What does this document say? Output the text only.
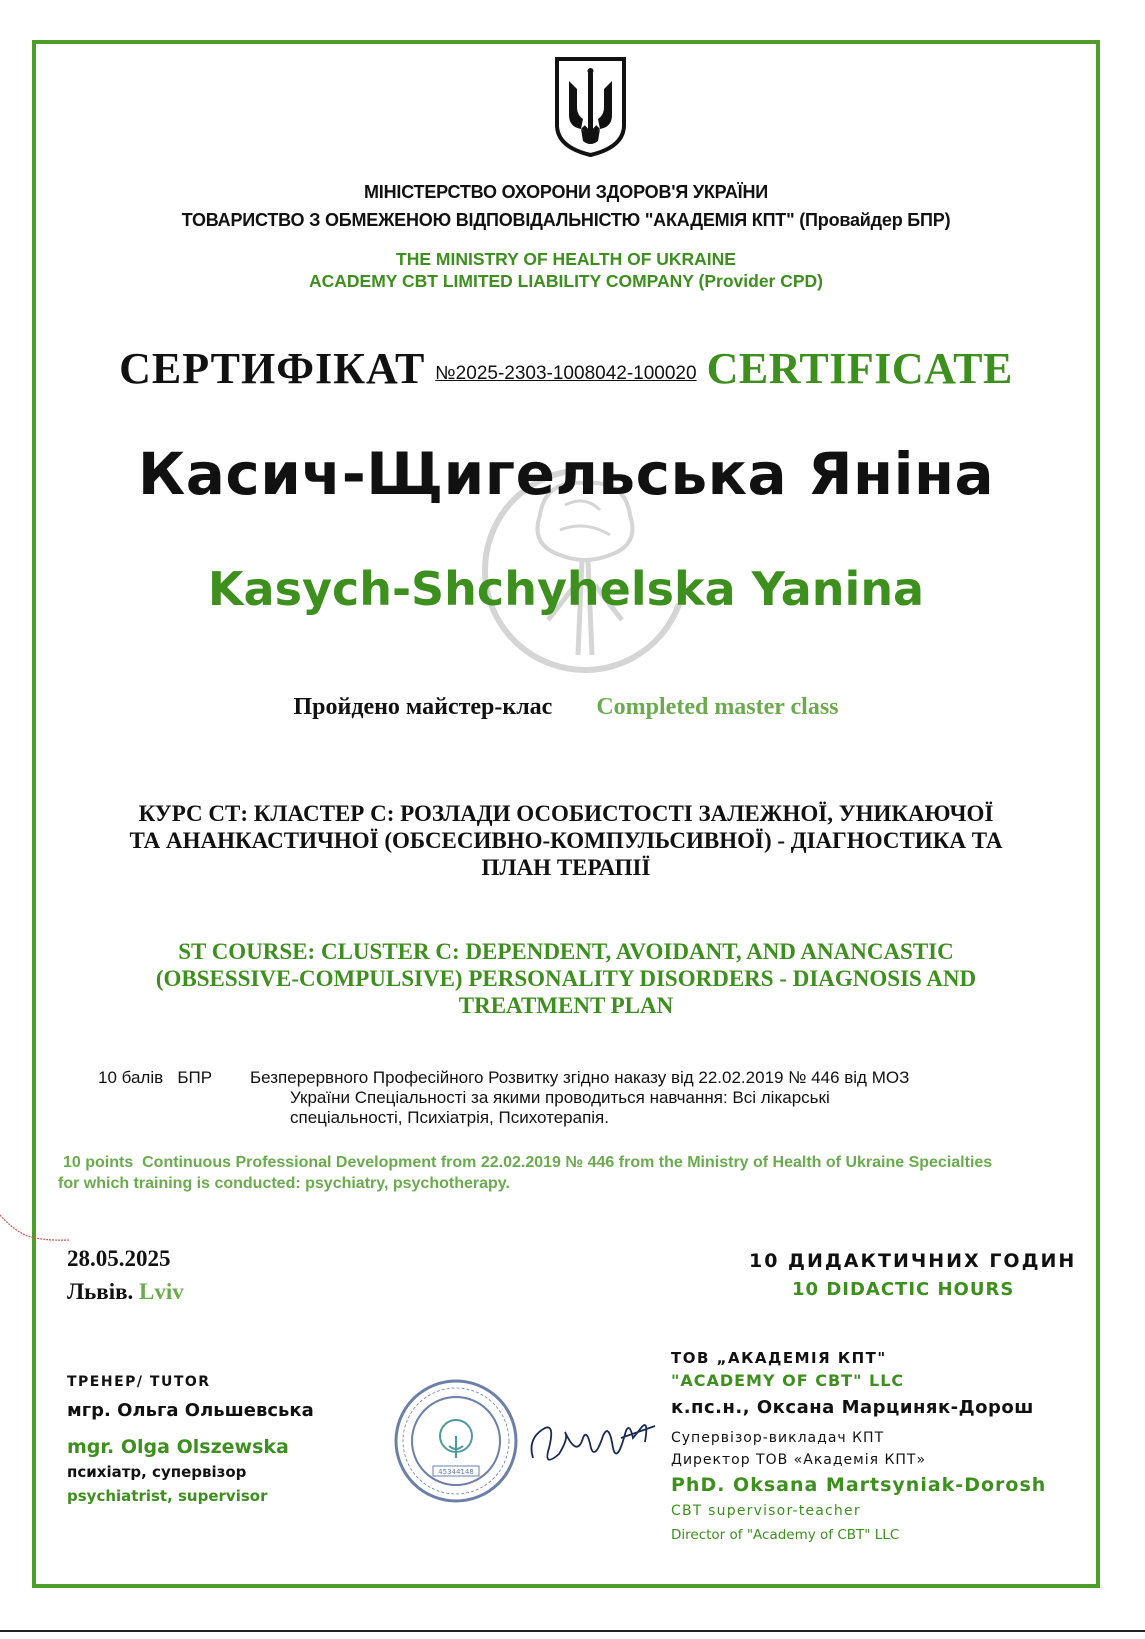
МІНІСТЕРСТВО ОХОРОНИ ЗДОРОВ'Я УКРАЇНИ
ТОВАРИСТВО З ОБМЕЖЕНОЮ ВІДПОВІДАЛЬНІСТЮ "АКАДЕМІЯ КПТ" (Провайдер БПР)
THE MINISTRY OF HEALTH OF UKRAINE
ACADEMY CBT LIMITED LIABILITY COMPANY (Provider CPD)
СЕРТИФІКАТ №2025-2303-1008042-100020 CERTIFICATE
Касич-Щигельська Яніна
Kasych-Shchyhelska Yanina
Пройдено майстер-клас Completed master class
КУРС СТ: КЛАСТЕР С: РОЗЛАДИ ОСОБИСТОСТІ ЗАЛЕЖНОЇ, УНИКАЮЧОЇ
ТА АНАНКАСТИЧНОЇ (ОБСЕСИВНО-КОМПУЛЬСИВНОЇ) - ДІАГНОСТИКА ТА
ПЛАН ТЕРАПІЇ
ST COURSE: CLUSTER C: DEPENDENT, AVOIDANT, AND ANANCASTIC
(OBSESSIVE-COMPULSIVE) PERSONALITY DISORDERS - DIAGNOSIS AND
TREATMENT PLAN
10 балів   БПР Безперервного Професійного Розвитку згідно наказу від 22.02.2019 № 446 від МОЗ
України Спеціальності за якими проводиться навчання: Всі лікарські
спеціальності, Психіатрія, Психотерапія.
10 points  Continuous Professional Development from 22.02.2019 № 446 from the Ministry of Health of Ukraine Specialties
for which training is conducted: psychiatry, psychotherapy.
28.05.2025
Львів. Lviv
10 ДИДАКТИЧНИХ ГОДИН
10 DIDACTIC HOURS
ТРЕНЕР/ TUTOR
мгр. Ольга Ольшевська
mgr. Olga Olszewska
психіатр, супервізор
psychiatrist, supervisor
45344148
ТОВ „АКАДЕМІЯ КПТ"
"ACADEMY OF CBT" LLC
к.пс.н., Оксана Марциняк-Дорош
Супервізор-викладач КПТ
Директор ТОВ «Академія КПТ»
PhD. Oksana Martsyniak-Dorosh
CBT supervisor-teacher
Director of "Academy of CBT" LLC
